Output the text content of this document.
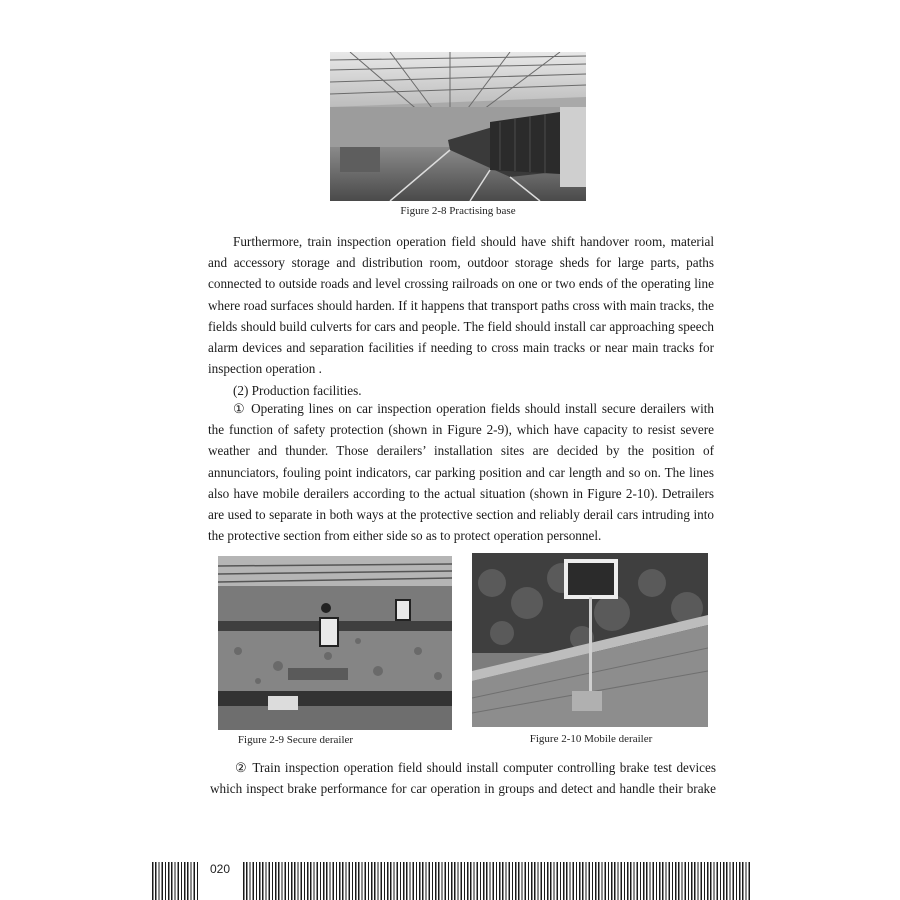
Figure 2-8 Practising base
Furthermore, train inspection operation field should have shift handover room, material
and accessory storage and distribution room, outdoor storage sheds for large parts, paths
connected to outside roads and level crossing railroads on one or two ends of the operating line
where road surfaces should harden. If it happens that transport paths cross with main tracks, the
fields should build culverts for cars and people. The field should install car approaching speech
alarm devices and separation facilities if needing to cross main tracks or near main tracks for
inspection operation .
(2) Production facilities.
① Operating lines on car inspection operation fields should install secure derailers with
the function of safety protection (shown in Figure 2-9), which have capacity to resist severe
weather and thunder. Those derailers’ installation sites are decided by the position of
annunciators, fouling point indicators, car parking position and car length and so on. The lines
also have mobile derailers according to the actual situation (shown in Figure 2-10). Detrailers
are used to separate in both ways at the protective section and reliably derail cars intruding into
the protective section from either side so as to protect operation personnel.
Figure 2-9 Secure derailer	Figure 2-10 Mobile derailer
② Train inspection operation field should install computer controlling brake test devices
which inspect brake performance for car operation in groups and detect and handle their brake
020
